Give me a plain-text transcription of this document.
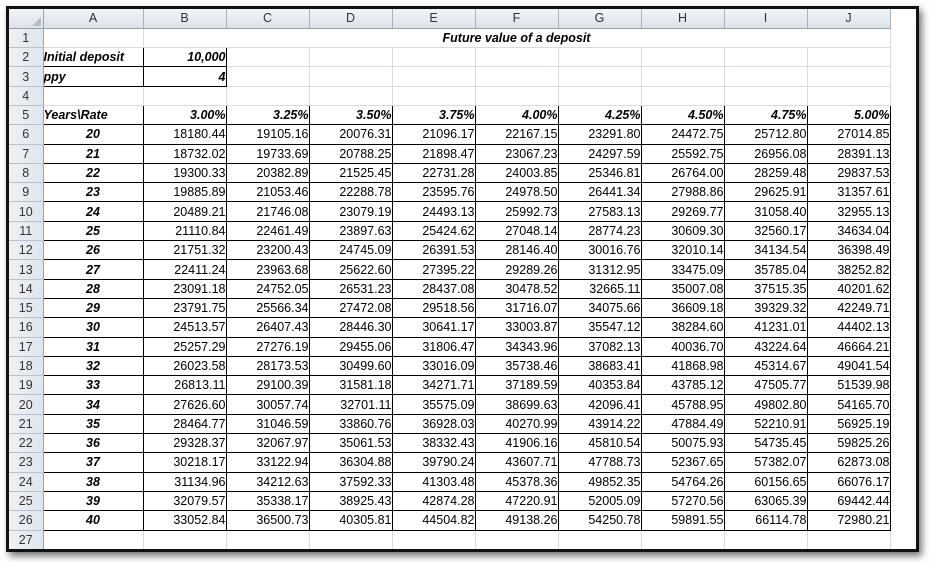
	A	B	C	D	E	F	G	H	I	J
1		Future value of a deposit								
2	Initial deposit	10,000								
3	ppy	4								
4										
5	Years\Rate	3.00%	3.25%	3.50%	3.75%	4.00%	4.25%	4.50%	4.75%	5.00%
6	20	18180.44	19105.16	20076.31	21096.17	22167.15	23291.80	24472.75	25712.80	27014.85
7	21	18732.02	19733.69	20788.25	21898.47	23067.23	24297.59	25592.75	26956.08	28391.13
8	22	19300.33	20382.89	21525.45	22731.28	24003.85	25346.81	26764.00	28259.48	29837.53
9	23	19885.89	21053.46	22288.78	23595.76	24978.50	26441.34	27988.86	29625.91	31357.61
10	24	20489.21	21746.08	23079.19	24493.13	25992.73	27583.13	29269.77	31058.40	32955.13
11	25	21110.84	22461.49	23897.63	25424.62	27048.14	28774.23	30609.30	32560.17	34634.04
12	26	21751.32	23200.43	24745.09	26391.53	28146.40	30016.76	32010.14	34134.54	36398.49
13	27	22411.24	23963.68	25622.60	27395.22	29289.26	31312.95	33475.09	35785.04	38252.82
14	28	23091.18	24752.05	26531.23	28437.08	30478.52	32665.11	35007.08	37515.35	40201.62
15	29	23791.75	25566.34	27472.08	29518.56	31716.07	34075.66	36609.18	39329.32	42249.71
16	30	24513.57	26407.43	28446.30	30641.17	33003.87	35547.12	38284.60	41231.01	44402.13
17	31	25257.29	27276.19	29455.06	31806.47	34343.96	37082.13	40036.70	43224.64	46664.21
18	32	26023.58	28173.53	30499.60	33016.09	35738.46	38683.41	41868.98	45314.67	49041.54
19	33	26813.11	29100.39	31581.18	34271.71	37189.59	40353.84	43785.12	47505.77	51539.98
20	34	27626.60	30057.74	32701.11	35575.09	38699.63	42096.41	45788.95	49802.80	54165.70
21	35	28464.77	31046.59	33860.76	36928.03	40270.99	43914.22	47884.49	52210.91	56925.19
22	36	29328.37	32067.97	35061.53	38332.43	41906.16	45810.54	50075.93	54735.45	59825.26
23	37	30218.17	33122.94	36304.88	39790.24	43607.71	47788.73	52367.65	57382.07	62873.08
24	38	31134.96	34212.63	37592.33	41303.48	45378.36	49852.35	54764.26	60156.65	66076.17
25	39	32079.57	35338.17	38925.43	42874.28	47220.91	52005.09	57270.56	63065.39	69442.44
26	40	33052.84	36500.73	40305.81	44504.82	49138.26	54250.78	59891.55	66114.78	72980.21
27										
